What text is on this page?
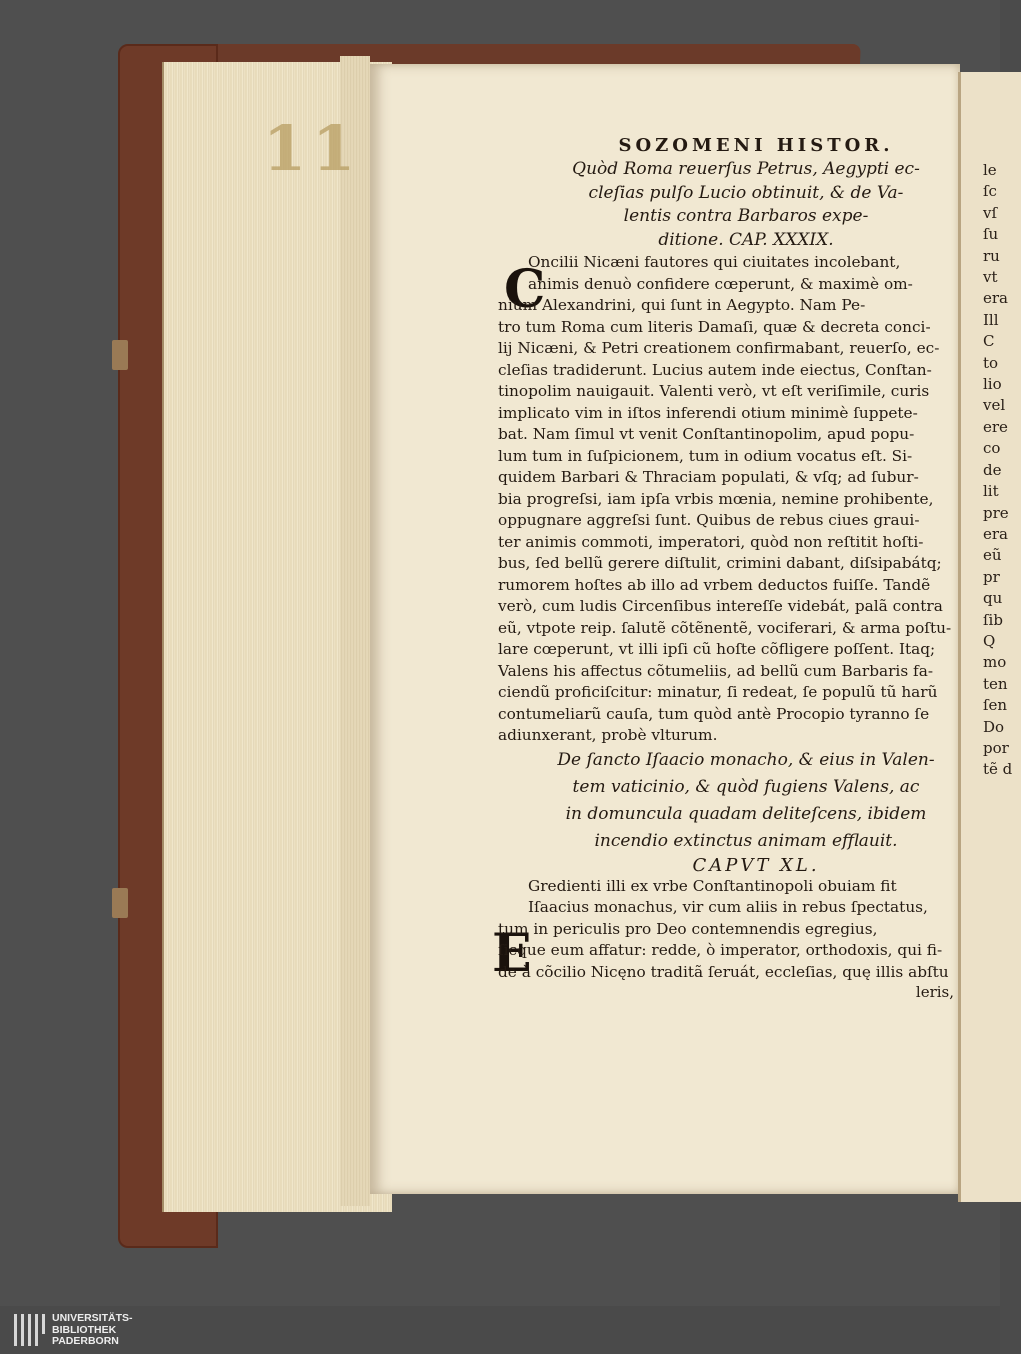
11	le
ſc
vſ
ſu
ru
vt
era
Ill
C
to
lio
vel
ere
co
de
lit
pre
era
eũ
pr
qu
ſib
Q
mo
ten
ſen
Do
por
tẽ d
C
E
SOZOMENI HISTOR.
Quòd Roma reuerſus Petrus, Aegypti ec-
cleſias pulſo Lucio obtinuit, & de Va-
lentis contra Barbaros expe-
ditione. CAP. XXXIX.
Oncilii Nicæni fautores qui ciuitates incolebant,
animis denuò confidere cœperunt, & maximè om-
nium Alexandrini, qui ſunt in Aegypto. Nam Pe-
tro tum Roma cum literis Damaſi, quæ & decreta conci-
lij Nicæni, & Petri creationem confirmabant, reuerſo, ec-
cleſias tradiderunt. Lucius autem inde eiectus, Conſtan-
tinopolim nauigauit. Valenti verò, vt eſt veriſimile, curis
implicato vim in iſtos inferendi otium minimè ſuppete-
bat. Nam ſimul vt venit Conſtantinopolim, apud popu-
lum tum in ſuſpicionem, tum in odium vocatus eſt. Si-
quidem Barbari & Thraciam populati, & vſq; ad ſubur-
bia progreſsi, iam ipſa vrbis mœnia, nemine prohibente,
oppugnare aggreſsi ſunt. Quibus de rebus ciues graui-
ter animis commoti, imperatori, quòd non reſtitit hoſti-
bus, ſed bellũ gerere diſtulit, crimini dabant, diſsipabátq;
rumorem hoſtes ab illo ad vrbem deductos fuiſſe. Tandẽ
verò, cum ludis Circenſibus intereſſe videbát, palã contra
eũ, vtpote reip. ſalutẽ cõtẽnentẽ, vociferari, & arma poſtu-
lare cœperunt, vt illi ipſi cũ hoſte cõfligere poſſent. Itaq;
Valens his affectus cõtumeliis, ad bellũ cum Barbaris fa-
ciendũ proficiſcitur: minatur, ſi redeat, ſe populũ tũ harũ
contumeliarũ cauſa, tum quòd antè Procopio tyranno ſe
adiunxerant, probè vlturum.
De ſancto Iſaacio monacho, & eius in Valen-
tem vaticinio, & quòd fugiens Valens, ac
in domuncula quadam deliteſcens, ibidem
incendio extinctus animam efflauit.
CAPVT XL.
Gredienti illi ex vrbe Conſtantinopoli obuiam fit
Iſaacius monachus, vir cum aliis in rebus ſpectatus,
tum in periculis pro Deo contemnendis egregius,
ſicque eum affatur: redde, ò imperator, orthodoxis, qui fi-
de à cõcilio Nicęno traditã ſeruát, eccleſias, quę illis abſtu
leris,
UNIVERSITÄTS-
BIBLIOTHEK
PADERBORN
